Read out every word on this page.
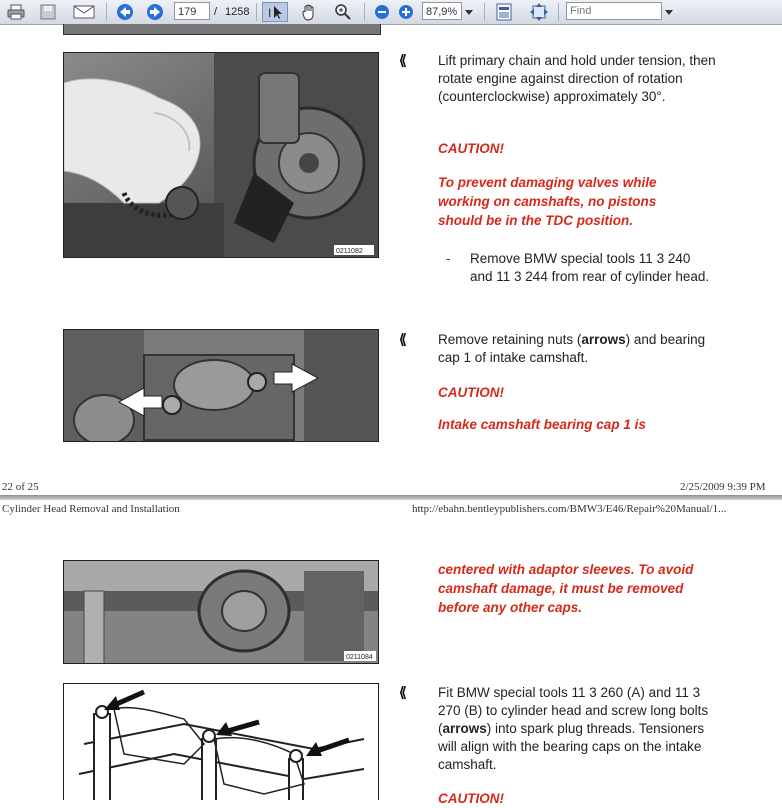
179	/ 1258 I	87,9%
Find
0211082
⟪ Lift primary chain and hold under tension, then rotate engine against direction of rotation (counterclockwise) approximately 30°.
CAUTION!
To prevent damaging valves while working on camshafts, no pistons should be in the TDC position.
- Remove BMW special tools 11 3 240 and 11 3 244 from rear of cylinder head.
⟪ Remove retaining nuts (arrows) and bearing cap 1 of intake camshaft.
CAUTION!
Intake camshaft bearing cap 1 is
22 of 25	2/25/2009 9:39 PM
Cylinder Head Removal and Installation	http://ebahn.bentleypublishers.com/BMW3/E46/Repair%20Manual/1...
0211084
centered with adaptor sleeves. To avoid camshaft damage, it must be removed before any other caps.
⟪ Fit BMW special tools 11 3 260 (A) and 11 3 270 (B) to cylinder head and screw long bolts (arrows) into spark plug threads. Tensioners will align with the bearing caps on the intake camshaft.
CAUTION!
